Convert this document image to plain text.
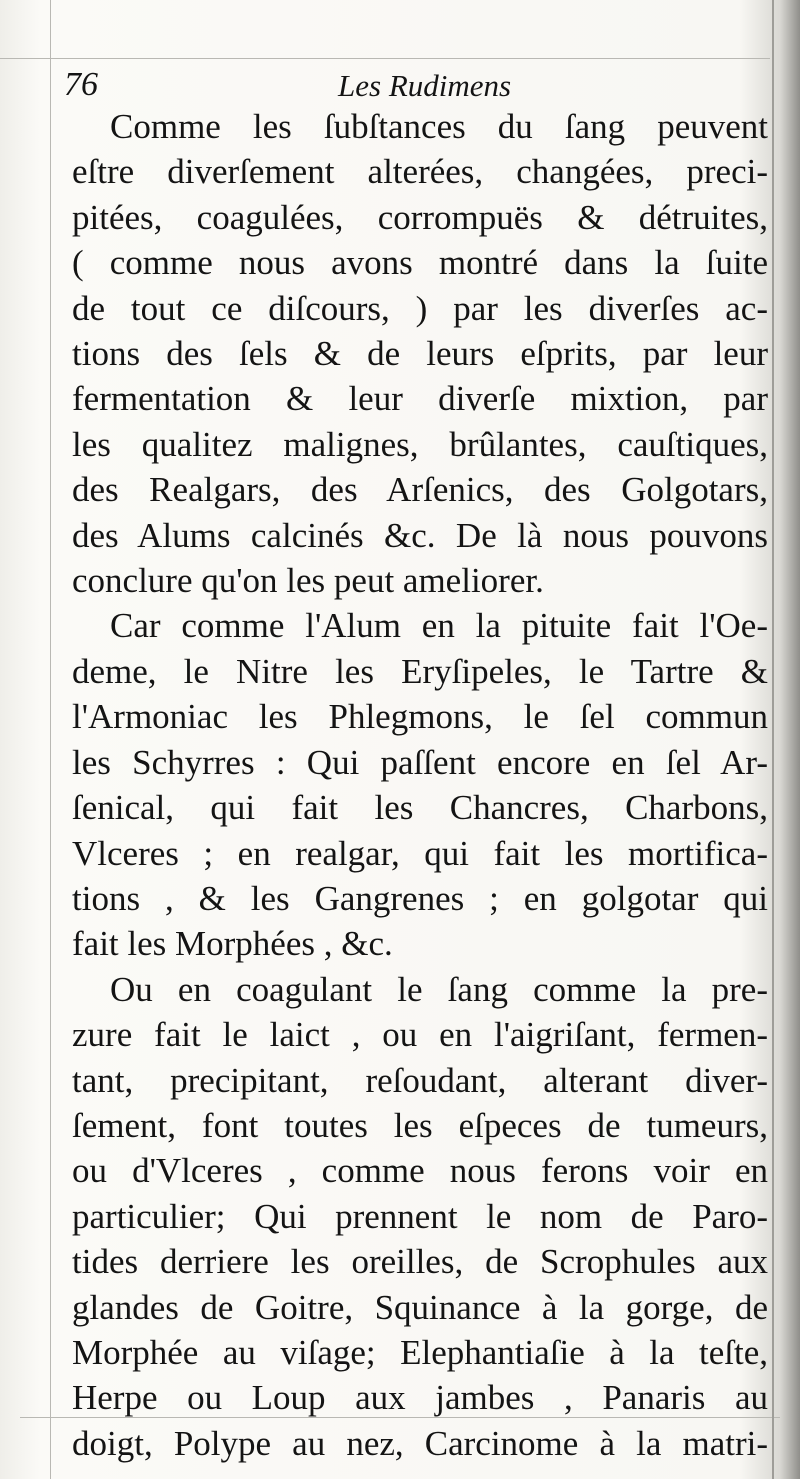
76	Les Rudimens
Comme les ſubſtances du ſang peuvent
eſtre diverſement alterées, changées, preci-
pitées, coagulées, corrompuës & détruites,
( comme nous avons montré dans la ſuite
de tout ce diſcours, ) par les diverſes ac-
tions des ſels & de leurs eſprits, par leur
fermentation & leur diverſe mixtion, par
les qualitez malignes, brûlantes, cauſtiques,
des Realgars, des Arſenics, des Golgotars,
des Alums calcinés &c. De là nous pouvons
conclure qu'on les peut ameliorer.
Car comme l'Alum en la pituite fait l'Oe-
deme, le Nitre les Eryſipeles, le Tartre &
l'Armoniac les Phlegmons, le ſel commun
les Schyrres : Qui paſſent encore en ſel Ar-
ſenical, qui fait les Chancres, Charbons,
Vlceres ; en realgar, qui fait les mortifica-
tions , & les Gangrenes ; en golgotar qui
fait les Morphées , &c.
Ou en coagulant le ſang comme la pre-
zure fait le laict , ou en l'aigriſant, fermen-
tant, precipitant, reſoudant, alterant diver-
ſement, font toutes les eſpeces de tumeurs,
ou d'Vlceres , comme nous ferons voir en
particulier; Qui prennent le nom de Paro-
tides derriere les oreilles, de Scrophules aux
glandes de Goitre, Squinance à la gorge, de
Morphée au viſage; Elephantiaſie à la teſte,
Herpe ou Loup aux jambes , Panaris au
doigt, Polype au nez, Carcinome à la matri-
